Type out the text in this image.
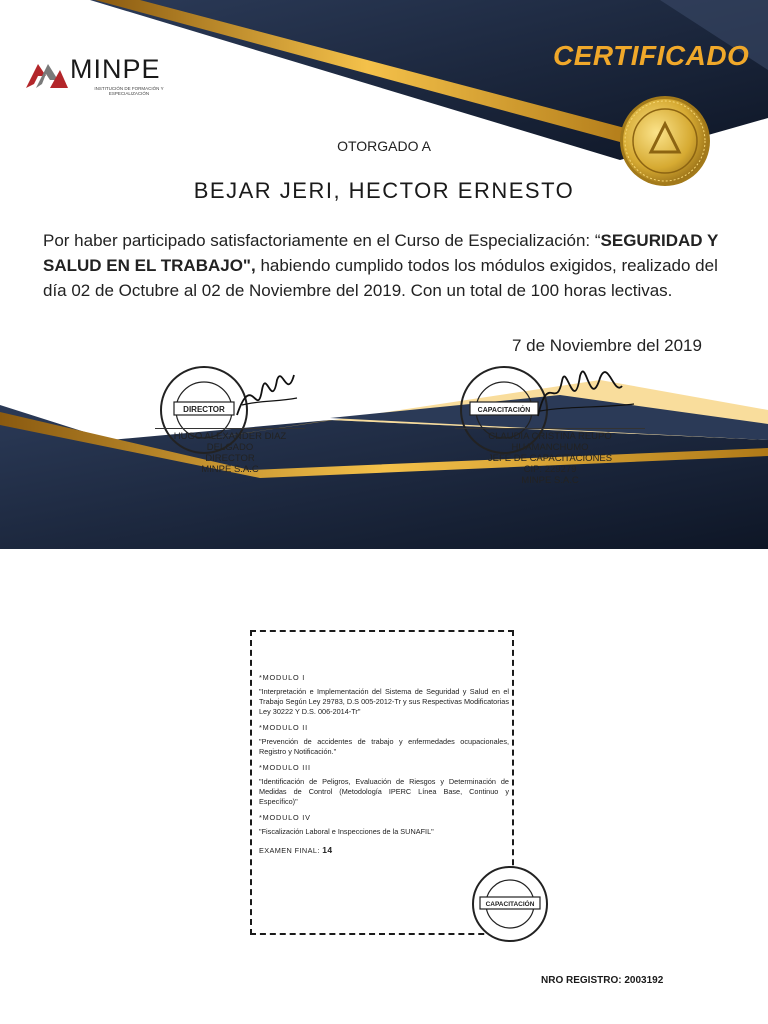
MINPE
INSTITUCIÓN DE FORMACIÓN Y ESPECIALIZACIÓN
CERTIFICADO
OTORGADO A
BEJAR JERI, HECTOR ERNESTO
Por haber participado satisfactoriamente en el Curso de Especialización: “SEGURIDAD Y SALUD EN EL TRABAJO", habiendo cumplido todos los módulos exigidos, realizado del día 02 de Octubre al 02 de Noviembre del 2019. Con un total de 100 horas lectivas.
7 de Noviembre del 2019
DIRECTOR
HUGO ALEXANDER DIAZ DELGADO
DIRECTOR
MINPE S.A.C
CAPACITACIÓN
CLAUDIA CRISTINA REUPO HUAMANCHUMO
JEFE DE CAPACITACIONES
CIP: 229279
MINPE S.A.C
*MODULO I
"Interpretación e Implementación del Sistema de Seguridad y Salud en el Trabajo Según Ley 29783, D.S 005-2012-Tr y sus Respectivas Modificatorias Ley 30222 Y D.S. 006-2014-Tr"
*MODULO II
"Prevención de accidentes de trabajo y enfermedades ocupacionales, Registro y Notificación."
*MODULO III
"Identificación de Peligros, Evaluación de Riesgos y Determinación de Medidas de Control (Metodología IPERC Línea Base, Continuo y Específico)"
*MODULO IV
"Fiscalización Laboral e Inspecciones de la SUNAFIL"
EXAMEN FINAL: 14
CAPACITACIÓN
NRO REGISTRO: 2003192
